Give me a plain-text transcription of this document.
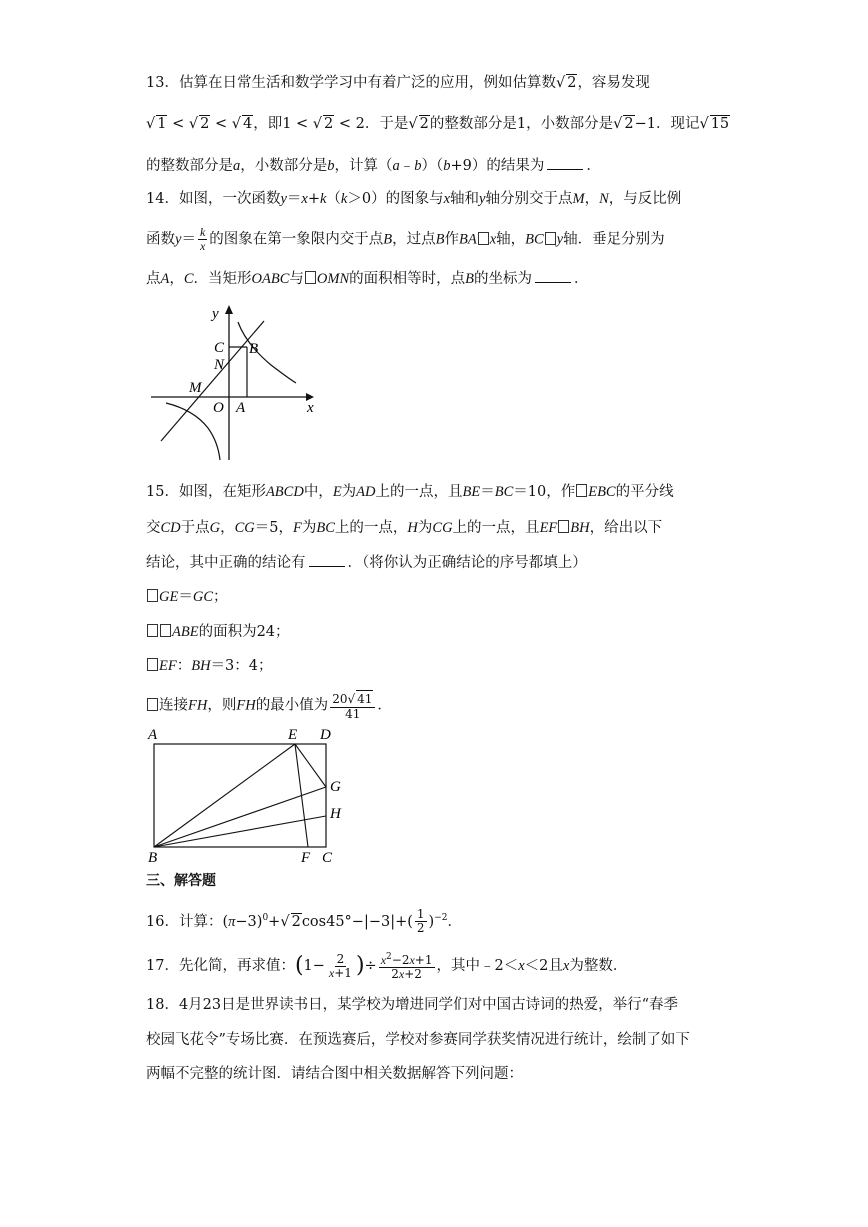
13．估算在日常生活和数学学习中有着广泛的应用，例如估算数√ 2，容易发现
√ 1 < √ 2 < √ 4，即1 < √ 2 < 2．于是√ 2的整数部分是1，小数部分是√ 2−1．现记√ 15
的整数部分是a，小数部分是b，计算（a﹣b）（b+9）的结果为	．
14．如图，一次函数y＝x+k（k＞0）的图象与x轴和y轴分别交于点M，N，与反比例
函数$y= \frac{k}{x}$ 的图象在第一象限内交于点B，过点B作BA x轴，BC y轴．垂足分别为
点A，C．当矩形OABC与 OMN的面积相等时，点B的坐标为	．
y
x
C B
N
M
O A
15．如图，在矩形ABCD中，E为AD上的一点，且BE＝BC＝10，作 EBC的平分线
交CD于点G，CG＝5，F为BC上的一点，H为CG上的一点，且EF BH，给出以下
结论，其中正确的结论有	．（将你认为正确结论的序号都填上）
GE＝GC；
ABE的面积为24；
EF：BH＝3：4；
连接FH，则FH的最小值为 $\frac{20√ 41}{41}$ ．
A	E D
G
H
B	F C
三、解答题
16．计算：$(\pi-3)^0+√$ $2\cos 45^\circ-|-3|+( \frac{1}{2} )^{-2}$．
17．先化简，再求值：($1- \frac{2}{x+1}$ )÷ $\frac{x^2-2x+1}{2x+2}$ ，其中﹣2＜x＜2且x为整数．
18．4月23日是世界读书日，某学校为增进同学们对中国古诗词的热爱，举行“春季
校园飞花令”专场比赛．在预选赛后，学校对参赛同学获奖情况进行统计，绘制了如下
两幅不完整的统计图．请结合图中相关数据解答下列问题：
